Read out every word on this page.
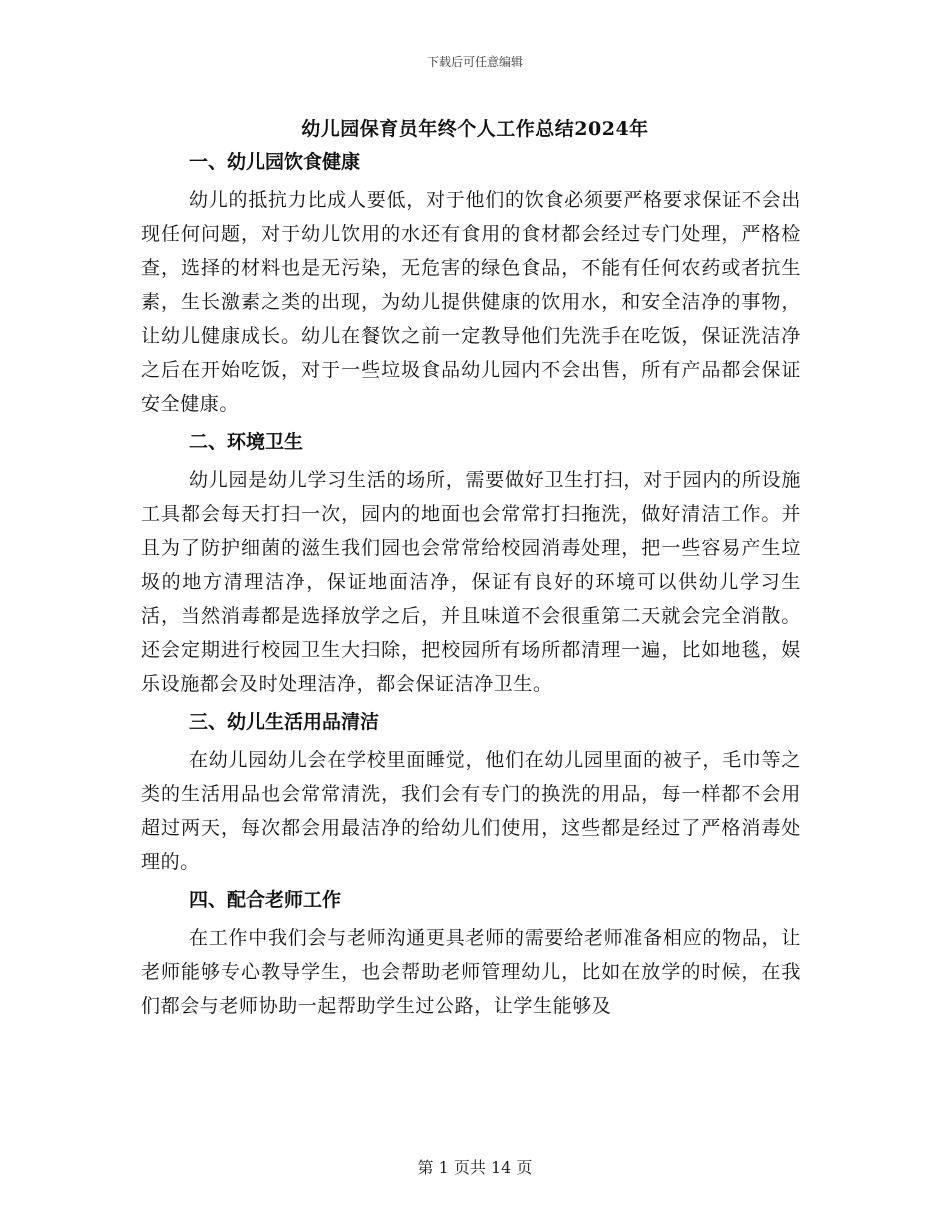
下载后可任意编辑
幼儿园保育员年终个人工作总结2024年
一、幼儿园饮食健康
幼儿的抵抗力比成人要低，对于他们的饮食必须要严格要求保证不会出现任何问题，对于幼儿饮用的水还有食用的食材都会经过专门处理，严格检查，选择的材料也是无污染，无危害的绿色食品，不能有任何农药或者抗生素，生长激素之类的出现，为幼儿提供健康的饮用水，和安全洁净的事物，让幼儿健康成长。幼儿在餐饮之前一定教导他们先洗手在吃饭，保证洗洁净之后在开始吃饭，对于一些垃圾食品幼儿园内不会出售，所有产品都会保证安全健康。
二、环境卫生
幼儿园是幼儿学习生活的场所，需要做好卫生打扫，对于园内的所设施工具都会每天打扫一次，园内的地面也会常常打扫拖洗，做好清洁工作。并且为了防护细菌的滋生我们园也会常常给校园消毒处理，把一些容易产生垃圾的地方清理洁净，保证地面洁净，保证有良好的环境可以供幼儿学习生活，当然消毒都是选择放学之后，并且味道不会很重第二天就会完全消散。还会定期进行校园卫生大扫除，把校园所有场所都清理一遍，比如地毯，娱乐设施都会及时处理洁净，都会保证洁净卫生。
三、幼儿生活用品清洁
在幼儿园幼儿会在学校里面睡觉，他们在幼儿园里面的被子，毛巾等之类的生活用品也会常常清洗，我们会有专门的换洗的用品，每一样都不会用超过两天，每次都会用最洁净的给幼儿们使用，这些都是经过了严格消毒处理的。
四、配合老师工作
在工作中我们会与老师沟通更具老师的需要给老师准备相应的物品，让老师能够专心教导学生，也会帮助老师管理幼儿，比如在放学的时候，在我们都会与老师协助一起帮助学生过公路，让学生能够及
第 1 页共 14 页
